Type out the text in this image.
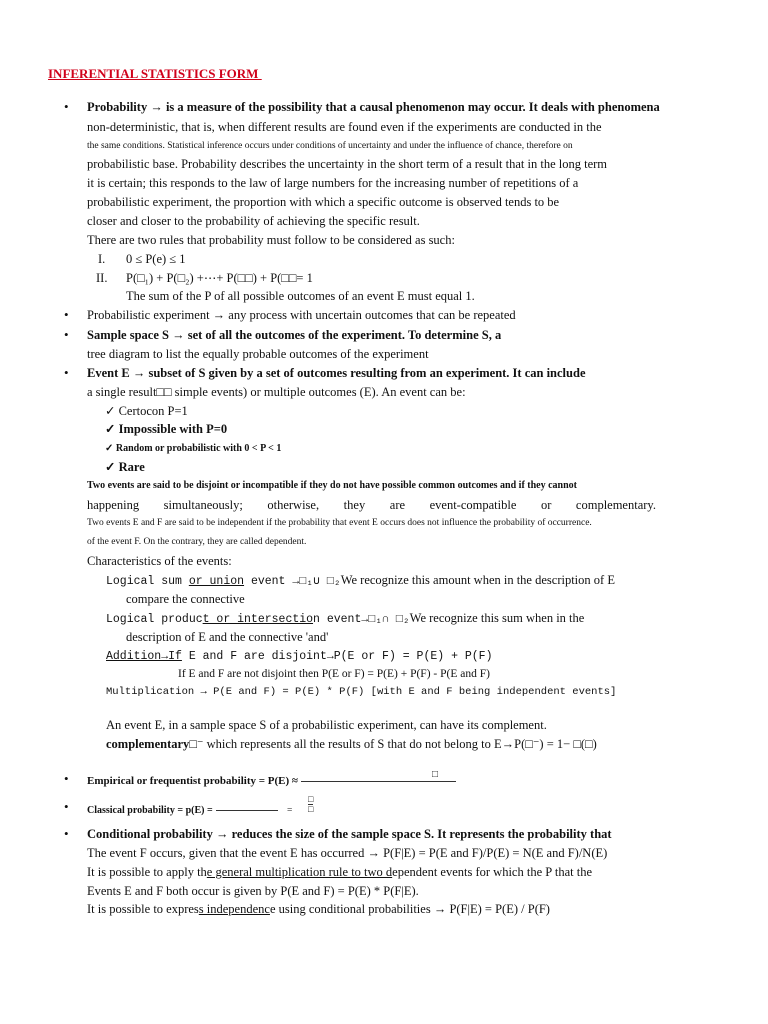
INFERENTIAL STATISTICS FORM
• Probability → is a measure of the possibility that a causal phenomenon may occur. It deals with phenomena
non-deterministic, that is, when different results are found even if the experiments are conducted in the
the same conditions. Statistical inference occurs under conditions of uncertainty and under the influence of chance, therefore on
probabilistic base. Probability describes the uncertainty in the short term of a result that in the long term
it is certain; this responds to the law of large numbers for the increasing number of repetitions of a
probabilistic experiment, the proportion with which a specific outcome is observed tends to be
closer and closer to the probability of achieving the specific result.
There are two rules that probability must follow to be considered as such:
I. 0 ≤ P(e) ≤ 1
II. P(□₁) + P(□₂) +⋯+ P(□□) + P(□□= 1
The sum of the P of all possible outcomes of an event E must equal 1.
• Probabilistic experiment → any process with uncertain outcomes that can be repeated
• Sample space S → set of all the outcomes of the experiment. To determine S, a
tree diagram to list the equally probable outcomes of the experiment
• Event E → subset of S given by a set of outcomes resulting from an experiment. It can include
a single result□□ simple events) or multiple outcomes (E). An event can be:
✓ Certocon P=1
✓ Impossible with P=0
✓ Random or probabilistic with 0 < P < 1
✓ Rare
Two events are said to be disjoint or incompatible if they do not have possible common outcomes and if they cannot
happening simultaneously; otherwise, they are event-compatible or complementary.
Two events E and F are said to be independent if the probability that event E occurs does not influence the probability of occurrence.
of the event F. On the contrary, they are called dependent.
Characteristics of the events:
Logical sum or union event →□₁∪ □₂We recognize this amount when in the description of E
compare the connective
Logical product or intersection event→□₁∩ □₂We recognize this sum when in the
description of E and the connective 'and'
Addition→If E and F are disjoint→P(E or F) = P(E) + P(F)
If E and F are not disjoint then P(E or F) = P(E) + P(F) - P(E and F)
Multiplication → P(E and F) = P(E) * P(F) [with E and F being independent events]
An event E, in a sample space S of a probabilistic experiment, can have its complement.
complementary□⁻ which represents all the results of S that do not belong to E→P(□⁻) = 1− □(□)
•	□
Empirical or frequentist probability = P(E) ≈
• Classical probability = p(E) =	=
□
□
• Conditional probability → reduces the size of the sample space S. It represents the probability that
The event F occurs, given that the event E has occurred → P(F|E) = P(E and F)/P(E) = N(E and F)/N(E)
It is possible to apply the general multiplication rule to two dependent events for which the P that the
Events E and F both occur is given by P(E and F) = P(E) * P(F|E).
It is possible to express independence using conditional probabilities → P(F|E) = P(E) / P(F)
